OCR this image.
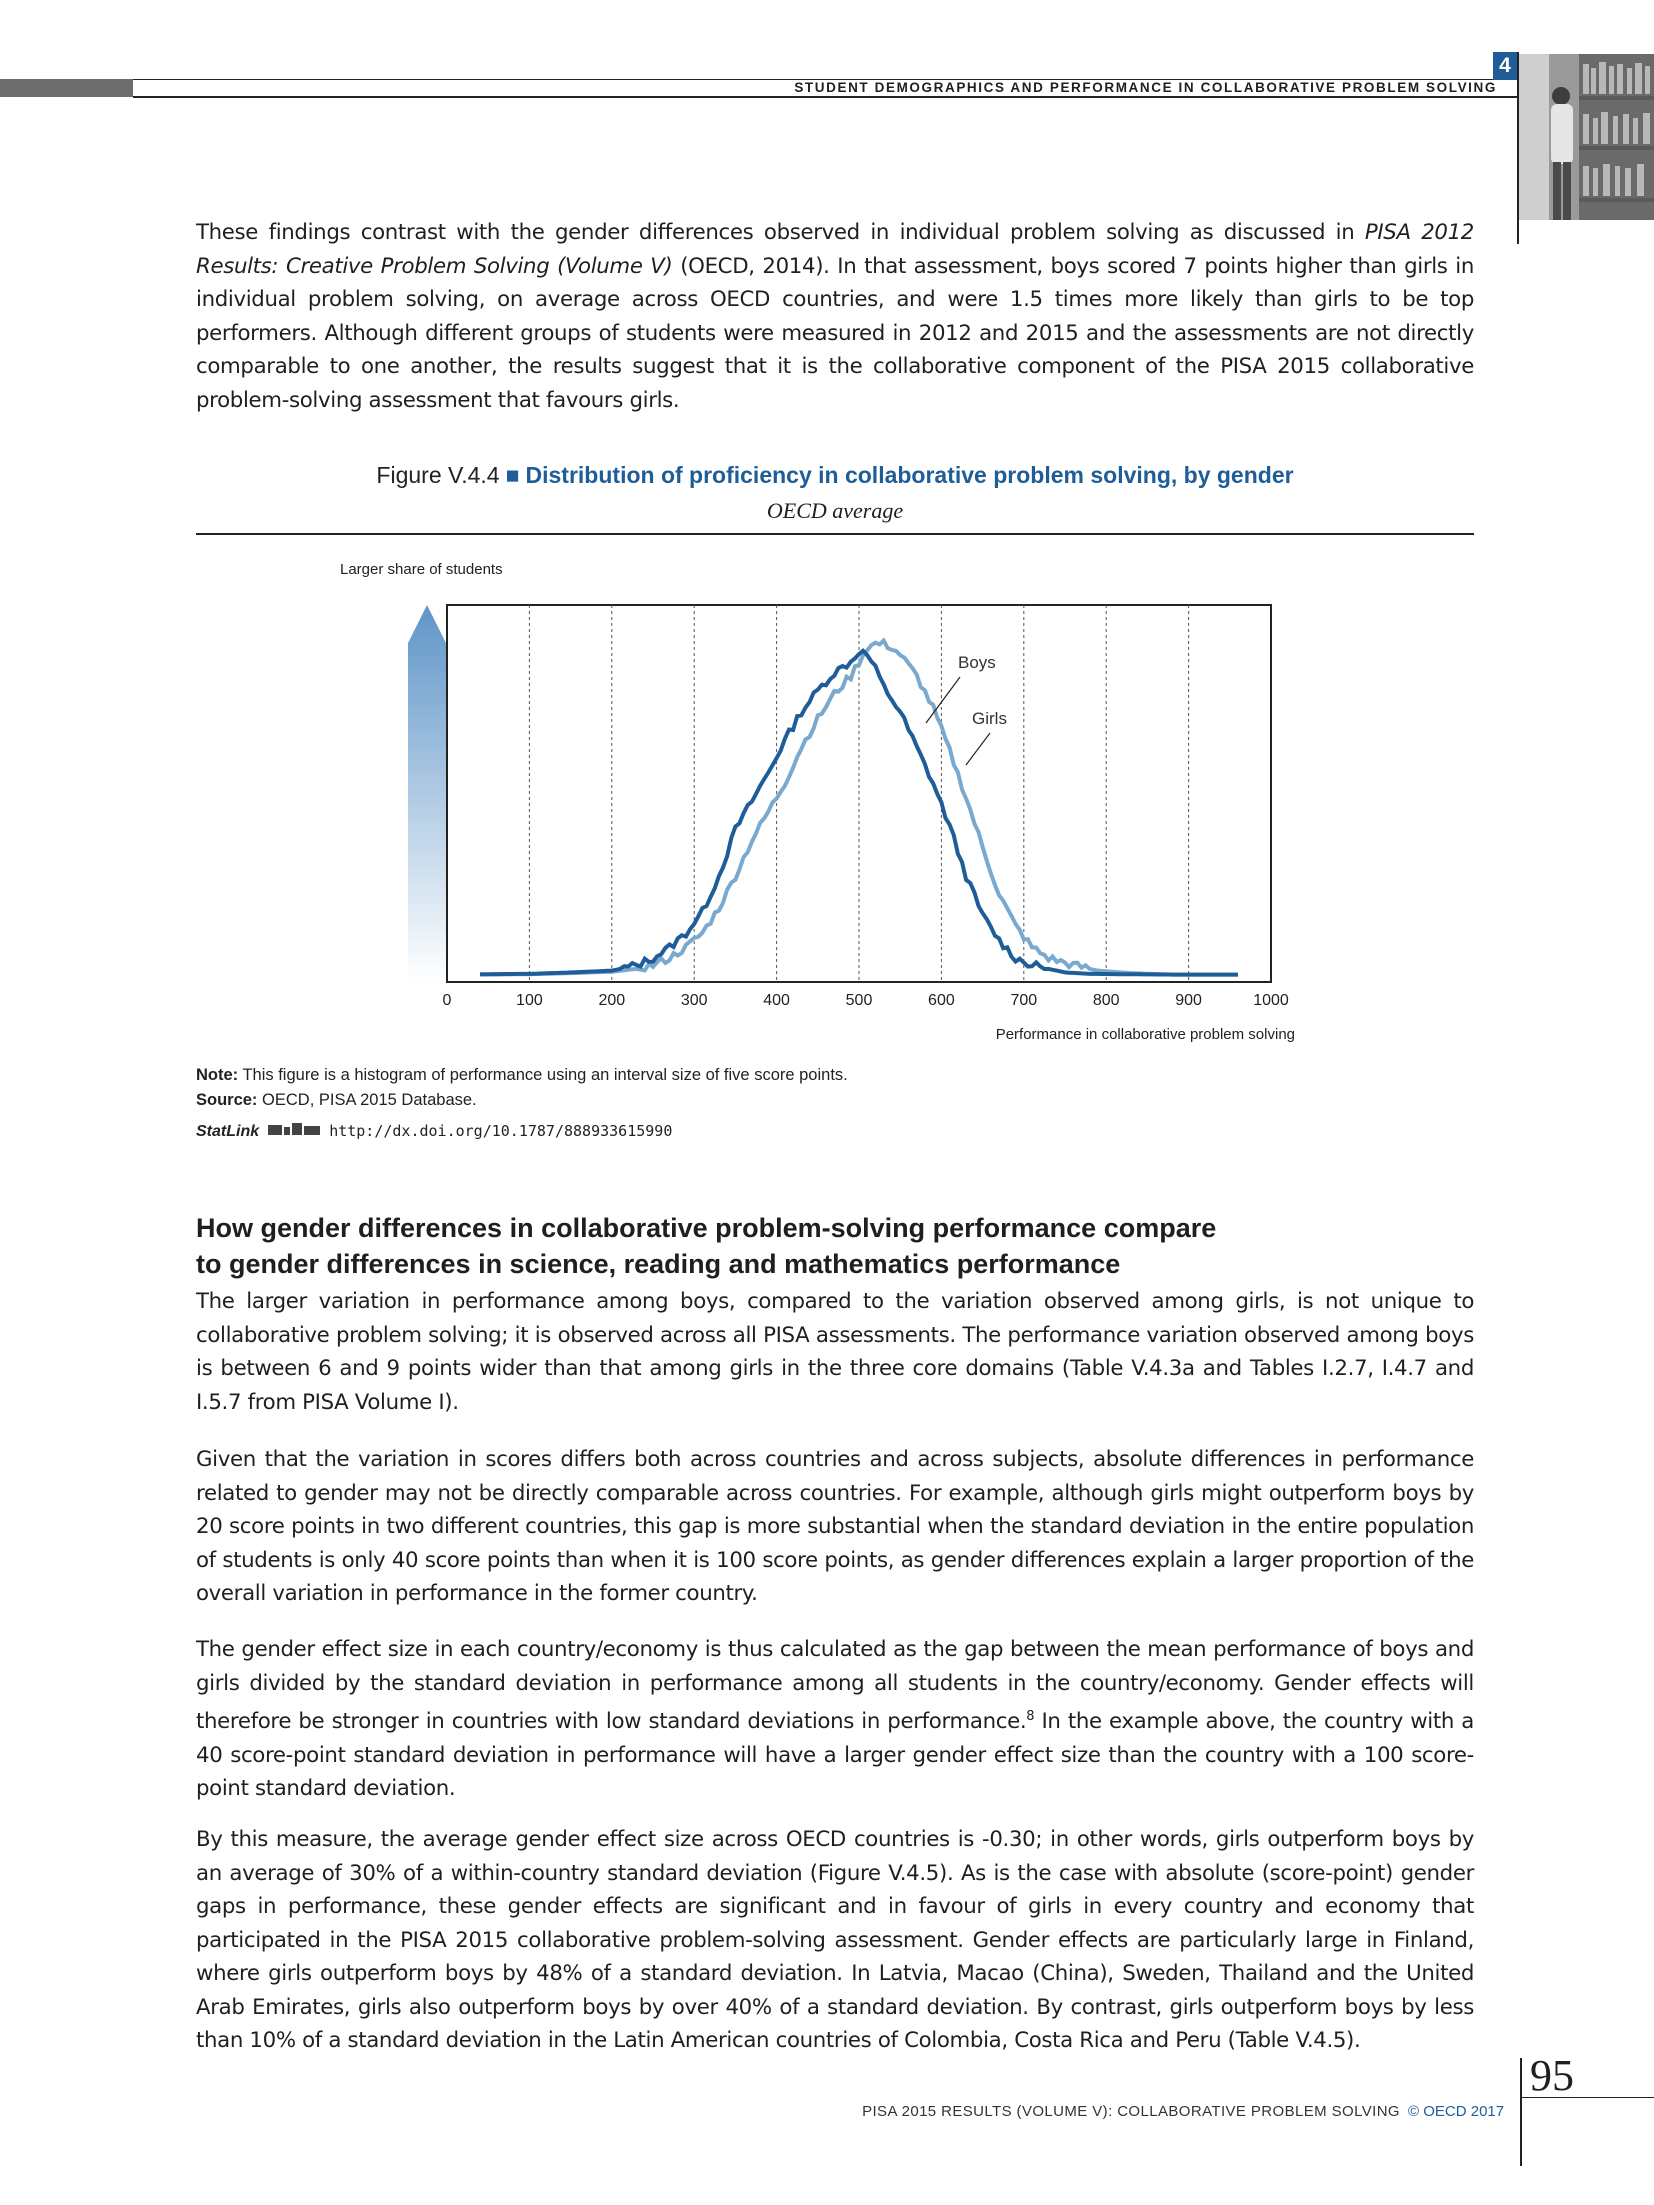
STUDENT DEMOGRAPHICS AND PERFORMANCE IN COLLABORATIVE PROBLEM SOLVING
4
These findings contrast with the gender differences observed in individual problem solving as discussed in PISA 2012 Results: Creative Problem Solving (Volume V) (OECD, 2014). In that assessment, boys scored 7 points higher than girls in individual problem solving, on average across OECD countries, and were 1.5 times more likely than girls to be top performers. Although different groups of students were measured in 2012 and 2015 and the assessments are not directly comparable to one another, the results suggest that it is the collaborative component of the PISA 2015 collaborative problem-solving assessment that favours girls.
Figure V.4.4 ■ Distribution of proficiency in collaborative problem solving, by gender
OECD average
Larger share of students
0	100	200	300	400	500	600	700	800	900	1000
Boys
Girls
Performance in collaborative problem solving
Note: This figure is a histogram of performance using an interval size of five score points.
Source: OECD, PISA 2015 Database.
StatLink	http://dx.doi.org/10.1787/888933615990
How gender differences in collaborative problem-solving performance compare
to gender differences in science, reading and mathematics performance
The larger variation in performance among boys, compared to the variation observed among girls, is not unique to collaborative problem solving; it is observed across all PISA assessments. The performance variation observed among boys is between 6 and 9 points wider than that among girls in the three core domains (Table V.4.3a and Tables I.2.7, I.4.7 and I.5.7 from PISA Volume I).
Given that the variation in scores differs both across countries and across subjects, absolute differences in performance related to gender may not be directly comparable across countries. For example, although girls might outperform boys by 20 score points in two different countries, this gap is more substantial when the standard deviation in the entire population of students is only 40 score points than when it is 100 score points, as gender differences explain a larger proportion of the overall variation in performance in the former country.
The gender effect size in each country/economy is thus calculated as the gap between the mean performance of boys and girls divided by the standard deviation in performance among all students in the country/economy. Gender effects will therefore be stronger in countries with low standard deviations in performance.$^8$ In the example above, the country with a 40 score-point standard deviation in performance will have a larger gender effect size than the country with a 100 score-point standard deviation.
By this measure, the average gender effect size across OECD countries is -0.30; in other words, girls outperform boys by an average of 30% of a within-country standard deviation (Figure V.4.5). As is the case with absolute (score-point) gender gaps in performance, these gender effects are significant and in favour of girls in every country and economy that participated in the PISA 2015 collaborative problem-solving assessment. Gender effects are particularly large in Finland, where girls outperform boys by 48% of a standard deviation. In Latvia, Macao (China), Sweden, Thailand and the United Arab Emirates, girls also outperform boys by over 40% of a standard deviation. By contrast, girls outperform boys by less than 10% of a standard deviation in the Latin American countries of Colombia, Costa Rica and Peru (Table V.4.5).
PISA 2015 RESULTS (VOLUME V): COLLABORATIVE PROBLEM SOLVING © OECD 2017
95
